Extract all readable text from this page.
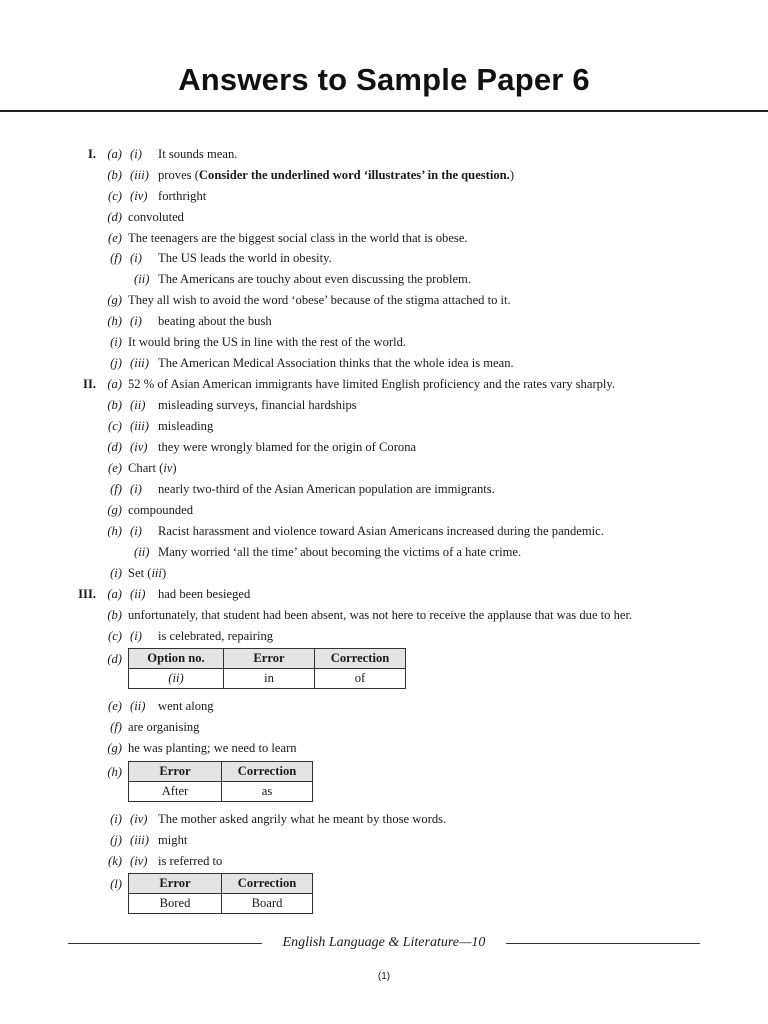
Answers to Sample Paper 6
I. (a) (i) It sounds mean.
(b) (iii) proves (Consider the underlined word ‘illustrates’ in the question.)
(c) (iv) forthright
(d) convoluted
(e) The teenagers are the biggest social class in the world that is obese.
(f) (i) The US leads the world in obesity.
(ii) The Americans are touchy about even discussing the problem.
(g) They all wish to avoid the word ‘obese’ because of the stigma attached to it.
(h) (i) beating about the bush
(i) It would bring the US in line with the rest of the world.
(j) (iii) The American Medical Association thinks that the whole idea is mean.
II. (a) 52 % of Asian American immigrants have limited English proficiency and the rates vary sharply.
(b) (ii) misleading surveys, financial hardships
(c) (iii) misleading
(d) (iv) they were wrongly blamed for the origin of Corona
(e) Chart (iv)
(f) (i) nearly two-third of the Asian American population are immigrants.
(g) compounded
(h) (i) Racist harassment and violence toward Asian Americans increased during the pandemic.
(ii) Many worried ‘all the time’ about becoming the victims of a hate crime.
(i) Set (iii)
III. (a) (ii) had been besieged
(b) unfortunately, that student had been absent, was not here to receive the applause that was due to her.
(c) (i) is celebrated, repairing
(d)
(e) (ii) went along
(f) are organising
(g) he was planting; we need to learn
(h)
(i) (iv) The mother asked angrily what he meant by those words.
(j) (iii) might
(k) (iv) is referred to
(l)
Option no.	Error	Correction
(ii)	in	of
Error	Correction
After	as
Error	Correction
Bored	Board
English Language & Literature—10
(1)
